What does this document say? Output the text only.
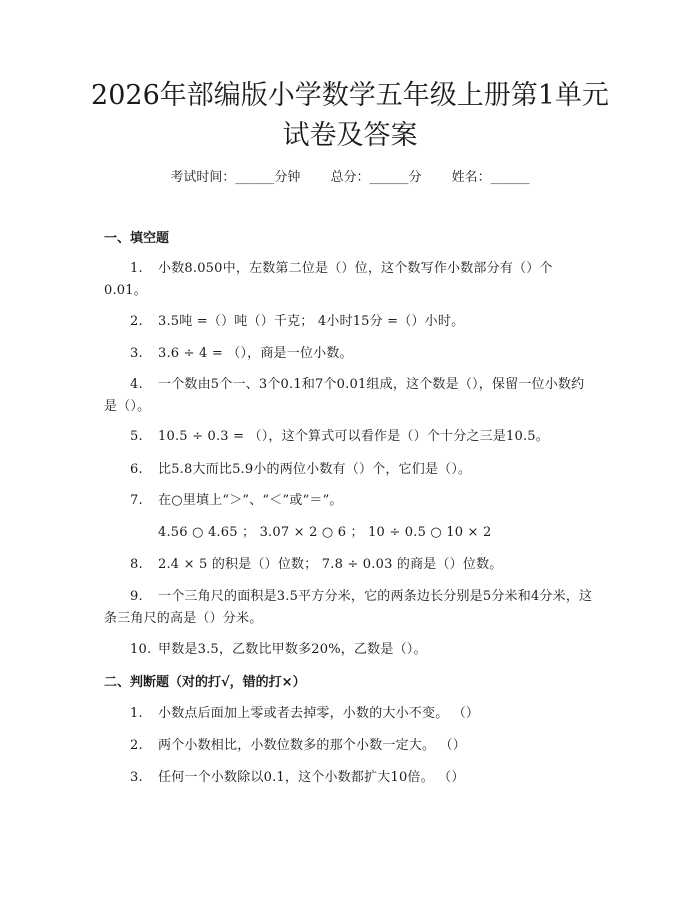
2026年部编版小学数学五年级上册第1单元
试卷及答案
考试时间：______分钟 总分：______分 姓名：______
一、填空题

1. 小数8.050中，左数第二位是（）位，这个数写作小数部分有（）个0.01。

2. 3.5吨 =（）吨（）千克； 4小时15分 =（）小时。

3. 3.6 ÷ 4 = （），商是一位小数。

4. 一个数由5个一、3个0.1和7个0.01组成，这个数是（），保留一位小数约是（）。

5. 10.5 ÷ 0.3 = （），这个算式可以看作是（）个十分之三是10.5。

6. 比5.8大而比5.9小的两位小数有（）个，它们是（）。

7. 在○里填上“＞”、“＜”或“＝”。

4.56 ○ 4.65 ； 3.07 × 2 ○ 6 ； 10 ÷ 0.5 ○ 10 × 2

8. 2.4 × 5 的积是（）位数； 7.8 ÷ 0.03 的商是（）位数。

9. 一个三角尺的面积是3.5平方分米，它的两条边长分别是5分米和4分米，这条三角尺的高是（）分米。

10. 甲数是3.5，乙数比甲数多20%，乙数是（）。

二、判断题（对的打√，错的打×）

1. 小数点后面加上零或者去掉零，小数的大小不变。 （）

2. 两个小数相比，小数位数多的那个小数一定大。 （）

3. 任何一个小数除以0.1，这个小数都扩大10倍。 （）
